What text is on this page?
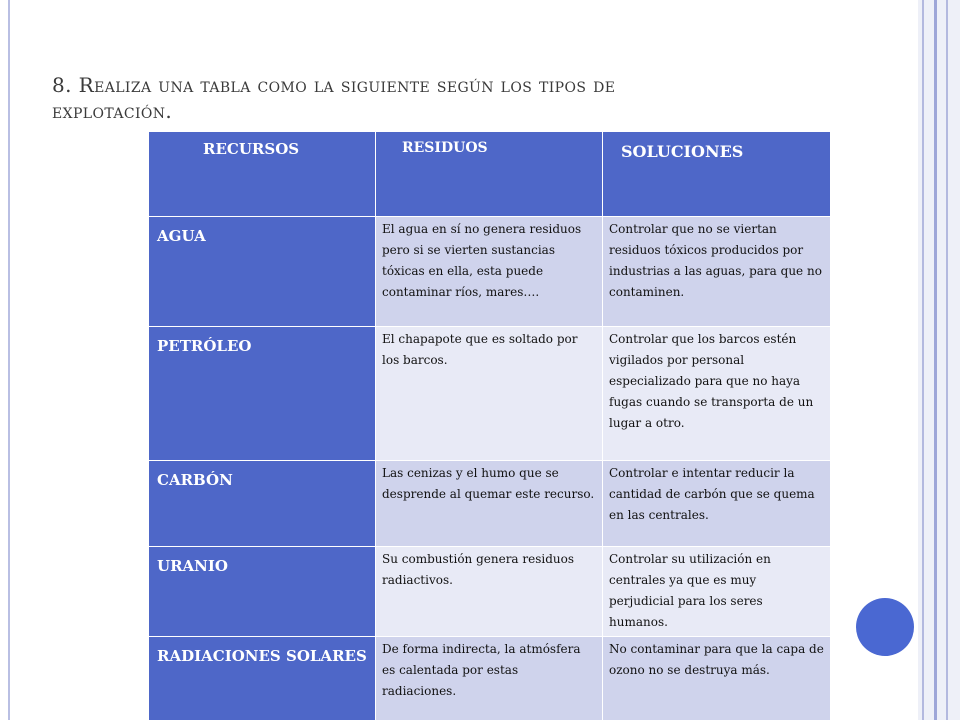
8. Realiza una tabla como la siguiente según los tipos de
explotación.
RECURSOS	RESIDUOS	SOLUCIONES

AGUA	El agua en sí no genera residuos pero si se vierten sustancias tóxicas en ella, esta puede contaminar ríos, mares….	Controlar que no se viertan residuos tóxicos producidos por industrias a las aguas, para que no contaminen.

PETRÓLEO	El chapapote que es soltado por los barcos.	Controlar que los barcos estén vigilados por personal especializado para que no haya fugas cuando se transporta de un lugar a otro.

CARBÓN	Las cenizas y el humo que se desprende al quemar este recurso.	Controlar e intentar reducir la cantidad de carbón que se quema en las centrales.

URANIO	Su combustión genera residuos radiactivos.	Controlar su utilización en centrales ya que es muy perjudicial para los seres humanos.

RADIACIONES SOLARES	De forma indirecta, la atmósfera es calentada por estas radiaciones.	No contaminar para que la capa de ozono no se destruya más.
